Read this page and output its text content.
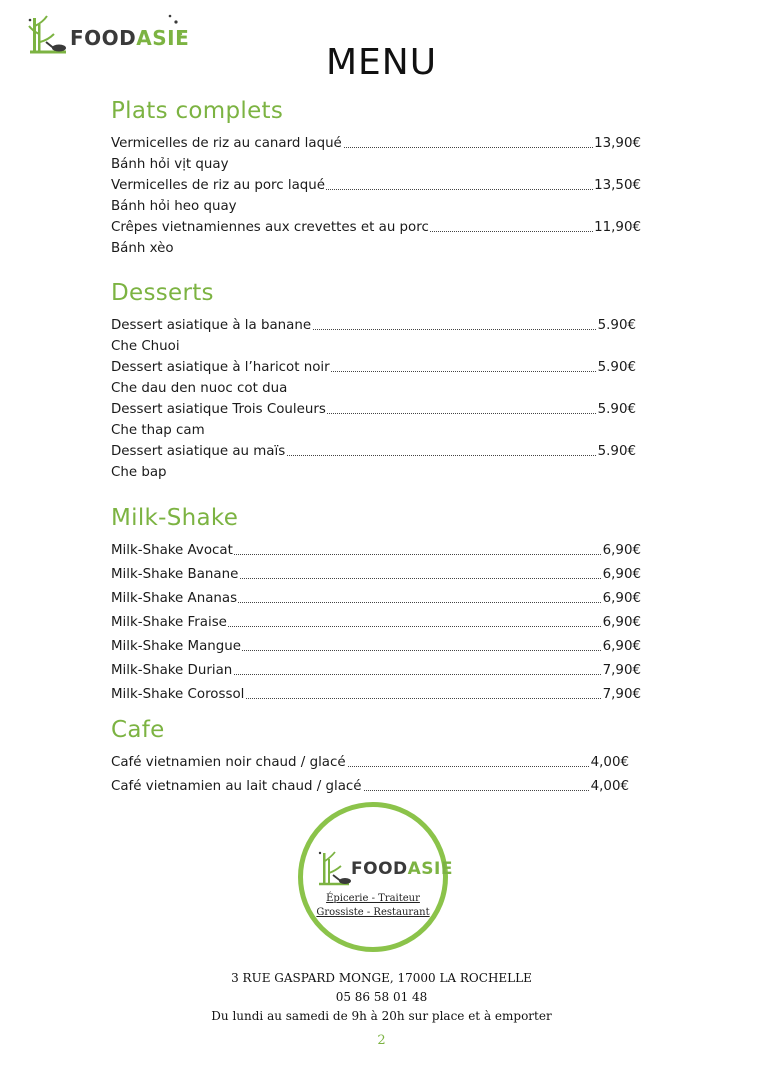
FOODASIE
MENU
Plats complets
Vermicelles de riz au canard laqué	13,90€
Bánh hỏi vịt quay
Vermicelles de riz au porc laqué	13,50€
Bánh hỏi heo quay
Crêpes vietnamiennes aux crevettes et au porc	11,90€
Bánh xèo
Desserts
Dessert asiatique à la banane	5.90€
Che Chuoi
Dessert asiatique à l’haricot noir	5.90€
Che dau den nuoc cot dua
Dessert asiatique Trois Couleurs	5.90€
Che thap cam
Dessert asiatique au maïs	5.90€
Che bap
Milk-Shake
Milk-Shake Avocat	6,90€
Milk-Shake Banane	6,90€
Milk-Shake Ananas	6,90€
Milk-Shake Fraise	6,90€
Milk-Shake Mangue	6,90€
Milk-Shake Durian	7,90€
Milk-Shake Corossol	7,90€
Cafe
Café vietnamien noir chaud / glacé	4,00€
Café vietnamien au lait chaud / glacé	4,00€
FOODASIE
Épicerie - Traiteur
Grossiste - Restaurant
3 RUE GASPARD MONGE, 17000 LA ROCHELLE
05 86 58 01 48
Du lundi au samedi de 9h à 20h sur place et à emporter
2
